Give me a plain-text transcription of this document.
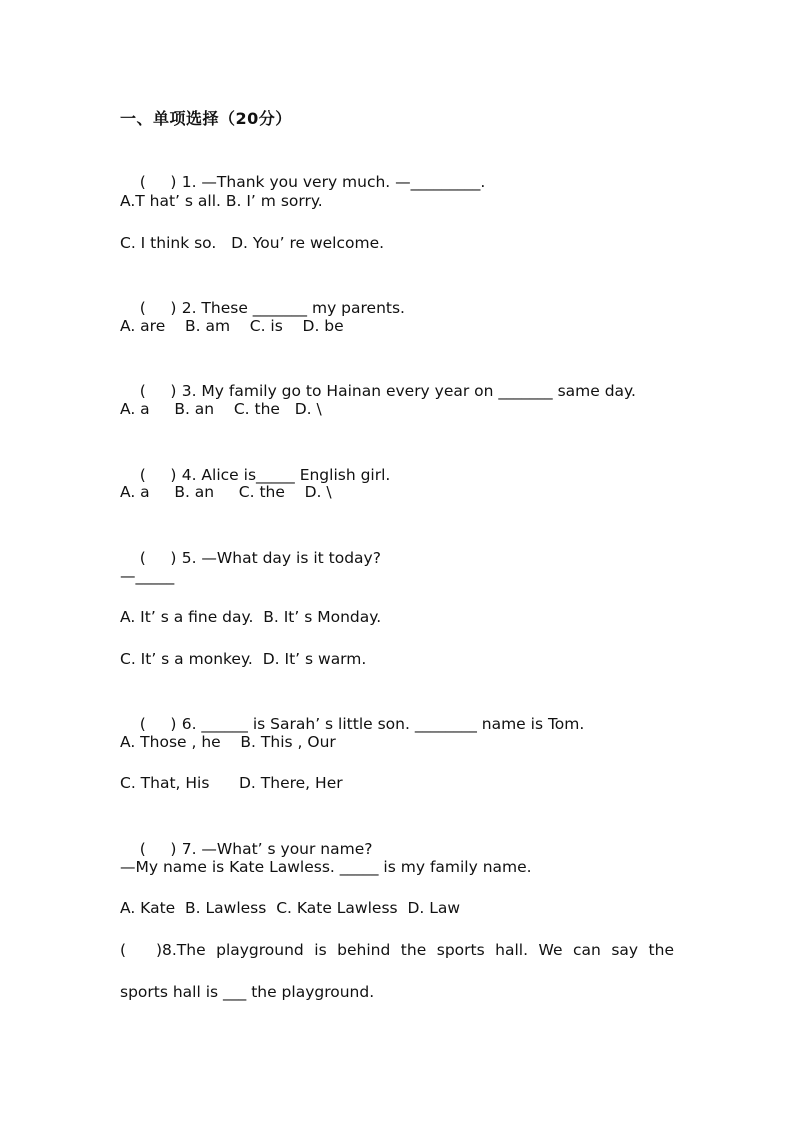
一、单项选择（20分）

(     ) 1. —Thank you very much. —_________.

A.T hat’ s all. B. I’ m sorry.
C. I think so.   D. You’ re welcome.

(     ) 2. These _______ my parents.

A. are    B. am    C. is    D. be

(     ) 3. My family go to Hainan every year on _______ same day.

A. a     B. an    C. the   D. \

(     ) 4. Alice is_____ English girl.

A. a     B. an     C. the    D. \

(     ) 5. —What day is it today?

—_____
A. It’ s a fine day.  B. It’ s Monday.
C. It’ s a monkey.  D. It’ s warm.

(     ) 6. ______ is Sarah’ s little son. ________ name is Tom.

A. Those , he    B. This , Our
C. That, His      D. There, Her

(     ) 7. —What’ s your name?

—My name is Kate Lawless. _____ is my family name.
A. Kate  B. Lawless  C. Kate Lawless  D. Law
( )8.The playground is behind the sports hall. We can say the
sports hall is ___ the playground.
